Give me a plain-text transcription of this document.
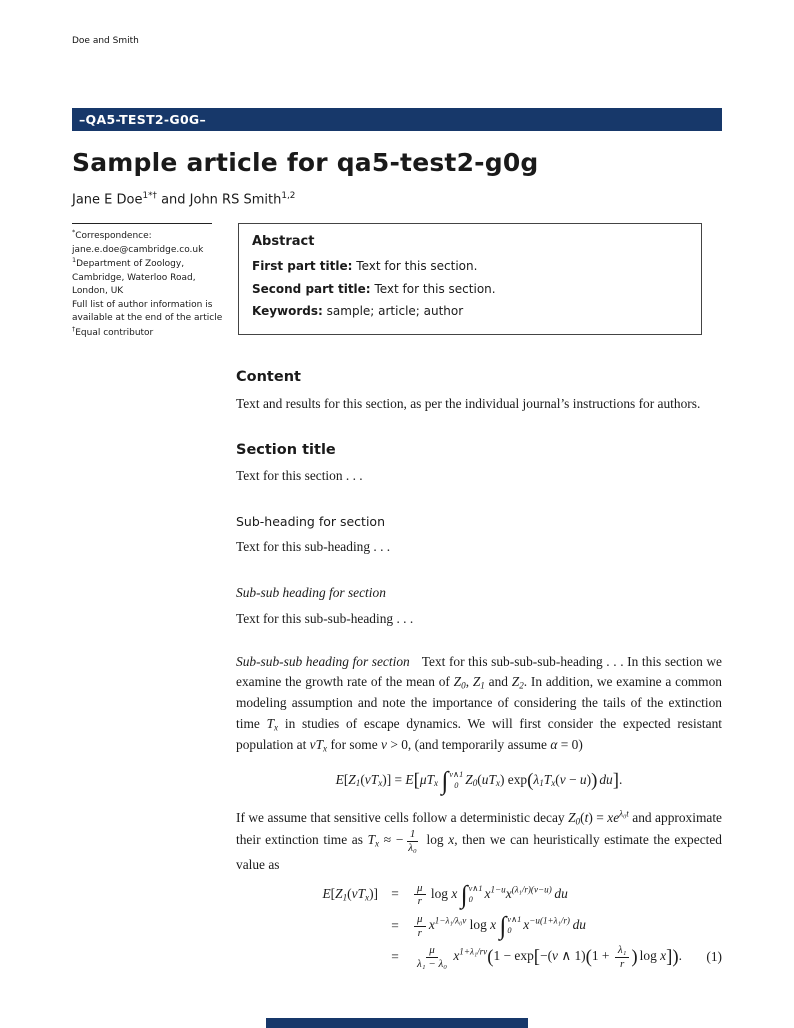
Doe and Smith
–QA5-TEST2-G0G–
Sample article for qa5-test2-g0g
Jane E Doe$^{1*\dagger}$ and John RS Smith$^{1,2}$
*Correspondence:
jane.e.doe@cambridge.co.uk
$^1$Department of Zoology,
Cambridge, Waterloo Road,
London, UK
Full list of author information is
available at the end of the article
†Equal contributor
Abstract
First part title: Text for this section.
Second part title: Text for this section.
Keywords: sample; article; author
Content

Text and results for this section, as per the individual journal’s instructions for authors.

Section title

Text for this section . . .

Sub-heading for section

Text for this sub-heading . . .

Sub-sub heading for section

Text for this sub-sub-heading . . .

Sub-sub-sub heading for section Text for this sub-sub-sub-heading . . . In this section we examine the growth rate of the mean of Z0, Z1 and Z2. In addition, we examine a common modeling assumption and note the importance of considering the tails of the extinction time Tx in studies of escape dynamics. We will first consider the expected resistant population at vTx for some v > 0, (and temporarily assume α = 0)

E[Z1(vTx)] = E[μTx ∫ v∧1
0 Z0(uTx) exp(λ1Tx(v − u)) du].

If we assume that sensitive cells follow a deterministic decay $Z0(t) = xe^{\lambda_0t}$ and approximate their extinction time as Tx ≈ − $\frac{1}{\text{λ₀}}$ log x, then we can heuristically estimate the expected value as

E[Z1(vTx)] =	$\frac{\mu}{r}$ log x ∫ v∧1
0 $x^{1-u}x^{(\lambda_1/r)(v-u)}$ du
=	$\frac{\mu}{r} x^{1-\lambda_1/\lambda_0v}$ log x ∫ v∧1
0 $x^{-u(1+\lambda_1/r)}$ du
=	$\frac{\mu}{\text{λ₁ − λ₀}} x^{1+\lambda_1/rv}(1 - \exp[-(v$ ∧ $1)(1 + \frac{\text{λ₁}}{r}$ ) log x]). (1)
